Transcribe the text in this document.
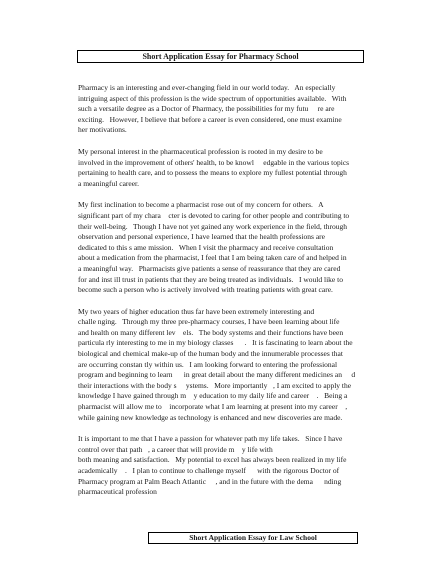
Short Application Essay for Pharmacy School

Pharmacy is an interesting and ever-changing field in our world today.   An especially
intriguing aspect of this profession is the wide spectrum of opportunities available.   With
such a versatile degree as a Doctor of Pharmacy, the possibilities for my futu     re are
exciting.   However, I believe that before a career is even considered, one must examine
her motivations.

My personal interest in the pharmaceutical profession is rooted in my desire to be
involved in the improvement of others' health, to be knowl     edgable in the various topics
pertaining to health care, and to possess the means to explore my fullest potential through
a meaningful career.

My first inclination to become a pharmacist rose out of my concern for others.   A
significant part of my chara    cter is devoted to caring for other people and contributing to
their well-being.   Though I have not yet gained any work experience in the field, through
observation and personal experience, I have learned that the health professions are
dedicated to this s ame mission.   When I visit the pharmacy and receive consultation
about a medication from the pharmacist, I feel that I am being taken care of and helped in
a meaningful way.   Pharmacists give patients a sense of reassurance that they are cared
for and inst ill trust in patients that they are being treated as individuals.   I would like to
become such a person who is actively involved with treating patients with great care.

My two years of higher education thus far have been extremely interesting and
challe nging.   Through my three pre-pharmacy courses, I have been learning about life
and health on many different lev    els.   The body systems and their functions have been
particula rly interesting to me in my biology classes      .   It is fascinating to learn about the
biological and chemical make-up of the human body and the innumerable processes that
are occurring constan tly within us.   I am looking forward to entering the professional
program and beginning to learn      in great detail about the many different medicines an     d
their interactions with the body s     ystems.   More importantly   , I am excited to apply the
knowledge I have gained through m    y education to my daily life and career    .   Being a
pharmacist will allow me to    incorporate what I am learning at present into my career    ,
while gaining new knowledge as technology is enhanced and new discoveries are made.

It is important to me that I have a passion for whatever path my life takes.   Since I have
control over that path   , a career that will provide m    y life with
both meaning and satisfaction.   My potential to excel has always been realized in my life
academically    .   I plan to continue to challenge myself      with the rigorous Doctor of
Pharmacy program at Palm Beach Atlantic     , and in the future with the dema      nding
pharmaceutical profession

Short Application Essay for Law School
